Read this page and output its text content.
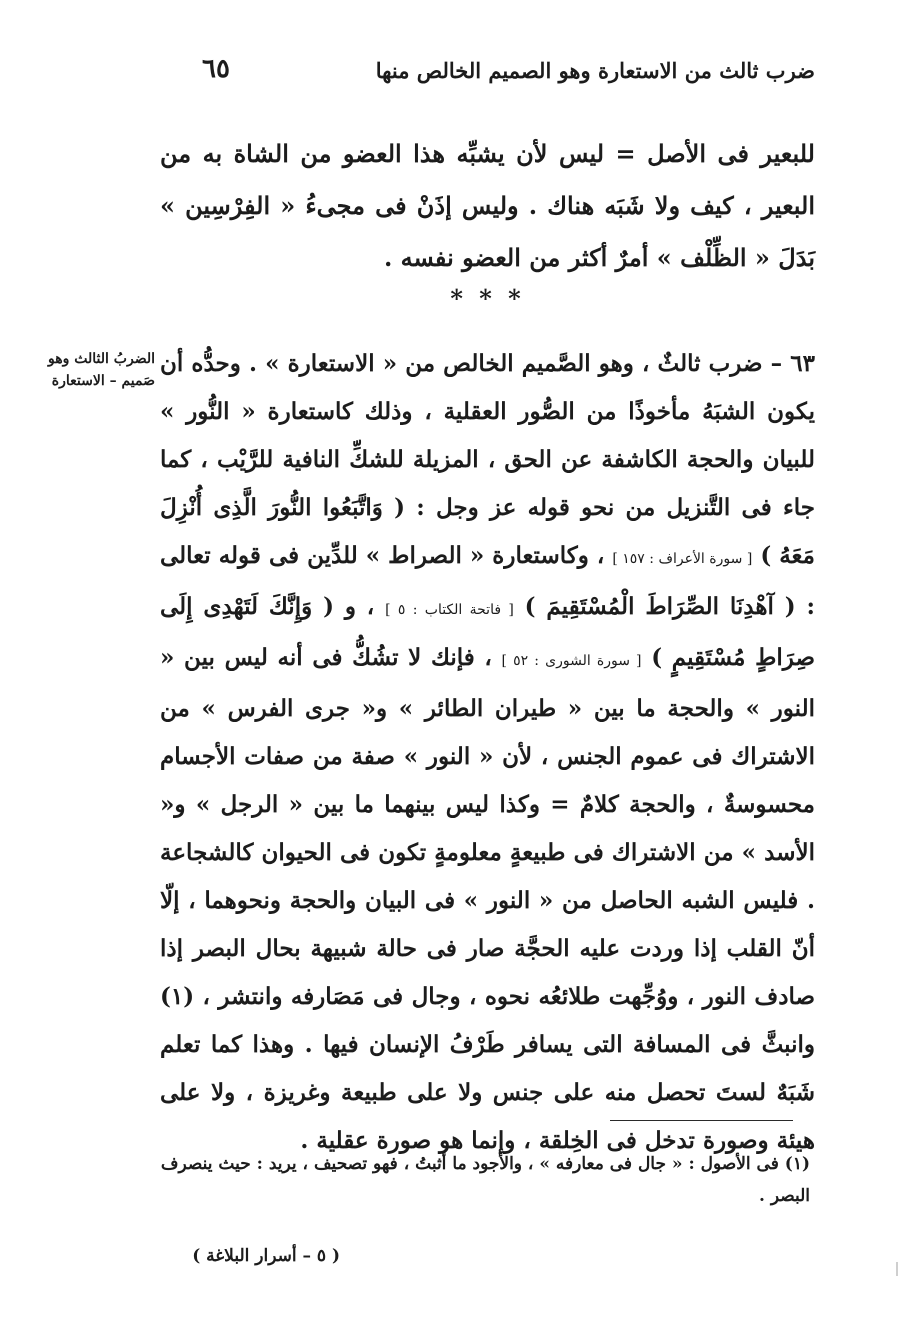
ضرب ثالث من الاستعارة وهو الصميم الخالص منها
٦٥
للبعير فى الأصل = ليس لأن يشبِّه هذا العضو من الشاة به من البعير ، كيف ولا شَبَه هناك . وليس إذَنْ فى مجىءُ « الفِرْسِين » بَدَلَ « الظِّلْف » أمرٌ أكثر من العضو نفسه .
* * *
الضربُ الثالث وهو صَميم – الاستعارة
٦٣ – ضرب ثالثٌ ، وهو الصَّميم الخالص من « الاستعارة » . وحدُّه أن يكون الشبَهُ مأخوذًا من الصُّور العقلية ، وذلك كاستعارة « النُّور » للبيان والحجة الكاشفة عن الحق ، المزيلة للشكِّ النافية للرَّيْب ، كما جاء فى التَّنزيل من نحو قوله عز وجل : ( وَاتَّبَعُوا النُّورَ الَّذِى أُنْزِلَ مَعَهُ ) [ سورة الأعراف : ١٥٧ ] ، وكاستعارة « الصراط » للدِّين فى قوله تعالى : ( آهْدِنَا الصِّرَاطَ الْمُسْتَقِيمَ ) [ فاتحة الكتاب : ٥ ] ، و ( وَإِنَّكَ لَتَهْدِى إِلَى صِرَاطٍ مُسْتَقِيمٍ ) [ سورة الشورى : ٥٢ ] ، فإنك لا تشُكُّ فى أنه ليس بين « النور » والحجة ما بين « طيران الطائر » و« جرى الفرس » من الاشتراك فى عموم الجنس ، لأن « النور » صفة من صفات الأجسام محسوسةٌ ، والحجة كلامٌ = وكذا ليس بينهما ما بين « الرجل » و« الأسد » من الاشتراك فى طبيعةٍ معلومةٍ تكون فى الحيوان كالشجاعة . فليس الشبه الحاصل من « النور » فى البيان والحجة ونحوهما ، إلّا أنّ القلب إذا وردت عليه الحجَّة صار فى حالة شبيهة بحال البصر إذا صادف النور ، ووُجِّهت طلائعُه نحوه ، وجال فى مَصَارفه وانتشر ، (١) وانبثَّ فى المسافة التى يسافر طَرْفُ الإنسان فيها . وهذا كما تعلم شَبَهٌ لستَ تحصل منه على جنس ولا على طبيعة وغريزة ، ولا على هيئة وصورة تدخل فى الخِلقة ، وإنما هو صورة عقلية .
(١) فى الأصول : « جال فى معارفه » ، والأجود ما أثبتُ ، فهو تصحيف ، يريد : حيث ينصرف البصر .
( ٥ – أسرار البلاغة )
